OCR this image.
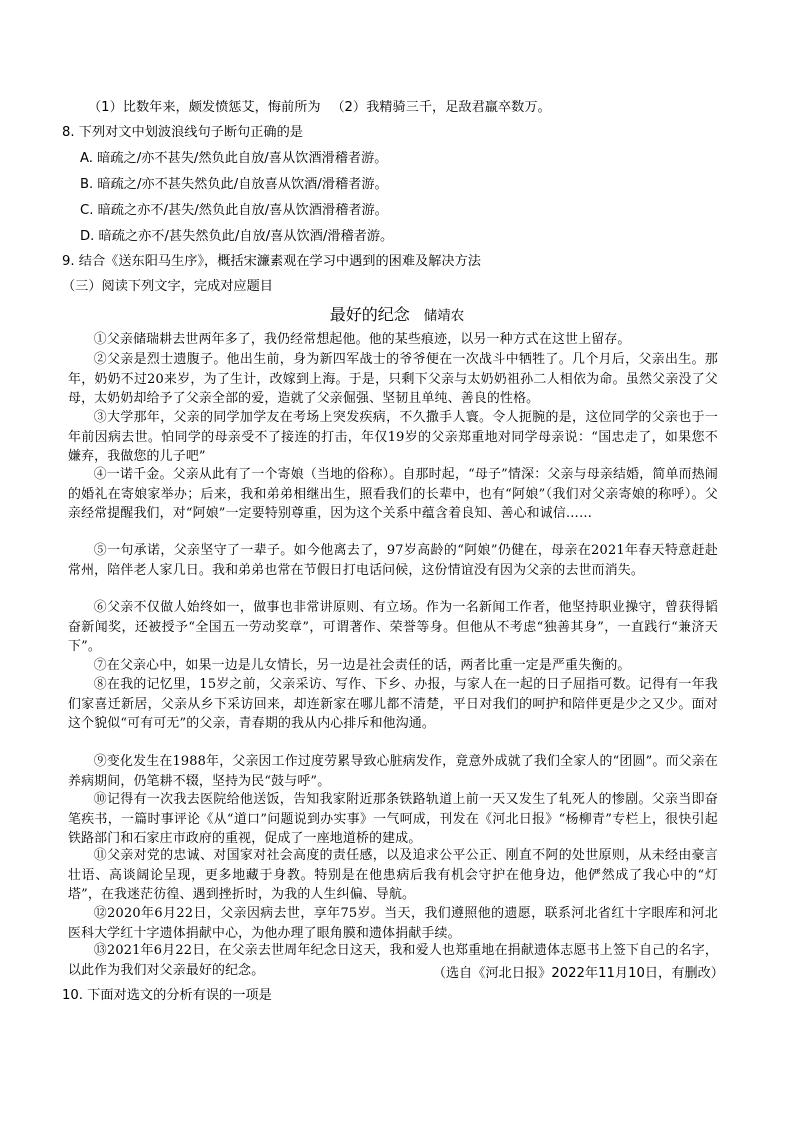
（1）比数年来，颇发愤惩艾，悔前所为 　（2）我精骑三千，足敌君羸卒数万。
8. 下列对文中划波浪线句子断句正确的是
A. 暗疏之/亦不甚失/然负此自放/喜从饮酒滑稽者游。
B. 暗疏之/亦不甚失然负此/自放喜从饮酒/滑稽者游。
C. 暗疏之亦不/甚失/然负此自放/喜从饮酒滑稽者游。
D. 暗疏之亦不/甚失然负此/自放/喜从饮酒/滑稽者游。
9. 结合《送东阳马生序》，概括宋濂素观在学习中遇到的困难及解决方法
（三）阅读下列文字，完成对应题目
最好的纪念 储靖农
①父亲储瑞耕去世两年多了，我仍经常想起他。他的某些痕迹，以另一种方式在这世上留存。
②父亲是烈士遗腹子。他出生前，身为新四军战士的爷爷便在一次战斗中牺牲了。几个月后，父亲出生。那年，奶奶不过20来岁，为了生计，改嫁到上海。于是，只剩下父亲与太奶奶祖孙二人相依为命。虽然父亲没了父母，太奶奶却给予了父亲全部的爱，造就了父亲倔强、坚韧且单纯、善良的性格。
③大学那年，父亲的同学加学友在考场上突发疾病，不久撒手人寰。令人扼腕的是，这位同学的父亲也于一年前因病去世。怕同学的母亲受不了接连的打击，年仅19岁的父亲郑重地对同学母亲说：“国忠走了，如果您不嫌弃，我做您的儿子吧”
④一诺千金。父亲从此有了一个寄娘（当地的俗称）。自那时起，“母子”情深：父亲与母亲结婚，简单而热闹的婚礼在寄娘家举办；后来，我和弟弟相继出生，照看我们的长辈中，也有“阿娘”（我们对父亲寄娘的称呼）。父亲经常提醒我们，对“阿娘”一定要特别尊重，因为这个关系中蕴含着良知、善心和诚信……
⑤一句承诺，父亲坚守了一辈子。如今他离去了，97岁高龄的“阿娘”仍健在，母亲在2021年春天特意赶赴常州，陪伴老人家几日。我和弟弟也常在节假日打电话问候，这份情谊没有因为父亲的去世而消失。
⑥父亲不仅做人始终如一，做事也非常讲原则、有立场。作为一名新闻工作者，他坚持职业操守，曾获得韬奋新闻奖，还被授予“全国五一劳动奖章”，可谓著作、荣誉等身。但他从不考虑“独善其身”，一直践行“兼济天下”。
⑦在父亲心中，如果一边是儿女情长，另一边是社会责任的话，两者比重一定是严重失衡的。
⑧在我的记忆里，15岁之前，父亲采访、写作、下乡、办报，与家人在一起的日子屈指可数。记得有一年我们家喜迁新居，父亲从乡下采访回来，却连新家在哪儿都不清楚，平日对我们的呵护和陪伴更是少之又少。面对这个貌似“可有可无”的父亲，青春期的我从内心排斥和他沟通。
⑨变化发生在1988年，父亲因工作过度劳累导致心脏病发作，竟意外成就了我们全家人的“团圆”。而父亲在养病期间，仍笔耕不辍，坚持为民“鼓与呼”。
⑩记得有一次我去医院给他送饭，告知我家附近那条铁路轨道上前一天又发生了轧死人的惨剧。父亲当即奋笔疾书，一篇时事评论《从“道口”问题说到办实事》一气呵成，刊发在《河北日报》“杨柳青”专栏上，很快引起铁路部门和石家庄市政府的重视，促成了一座地道桥的建成。
⑪父亲对党的忠诚、对国家对社会高度的责任感，以及追求公平公正、刚直不阿的处世原则，从未经由豪言壮语、高谈阔论呈现，更多地藏于身教。特别是在他患病后我有机会守护在他身边，他俨然成了我心中的“灯塔”，在我迷茫彷徨、遇到挫折时，为我的人生纠偏、导航。
⑫2020年6月22日，父亲因病去世，享年75岁。当天，我们遵照他的遗愿，联系河北省红十字眼库和河北医科大学红十字遗体捐献中心，为他办理了眼角膜和遗体捐献手续。
⑬2021年6月22日，在父亲去世周年纪念日这天，我和爱人也郑重地在捐献遗体志愿书上签下自己的名字，以此作为我们对父亲最好的纪念。	（选自《河北日报》2022年11月10日，有删改）
10. 下面对选文的分析有误的一项是
